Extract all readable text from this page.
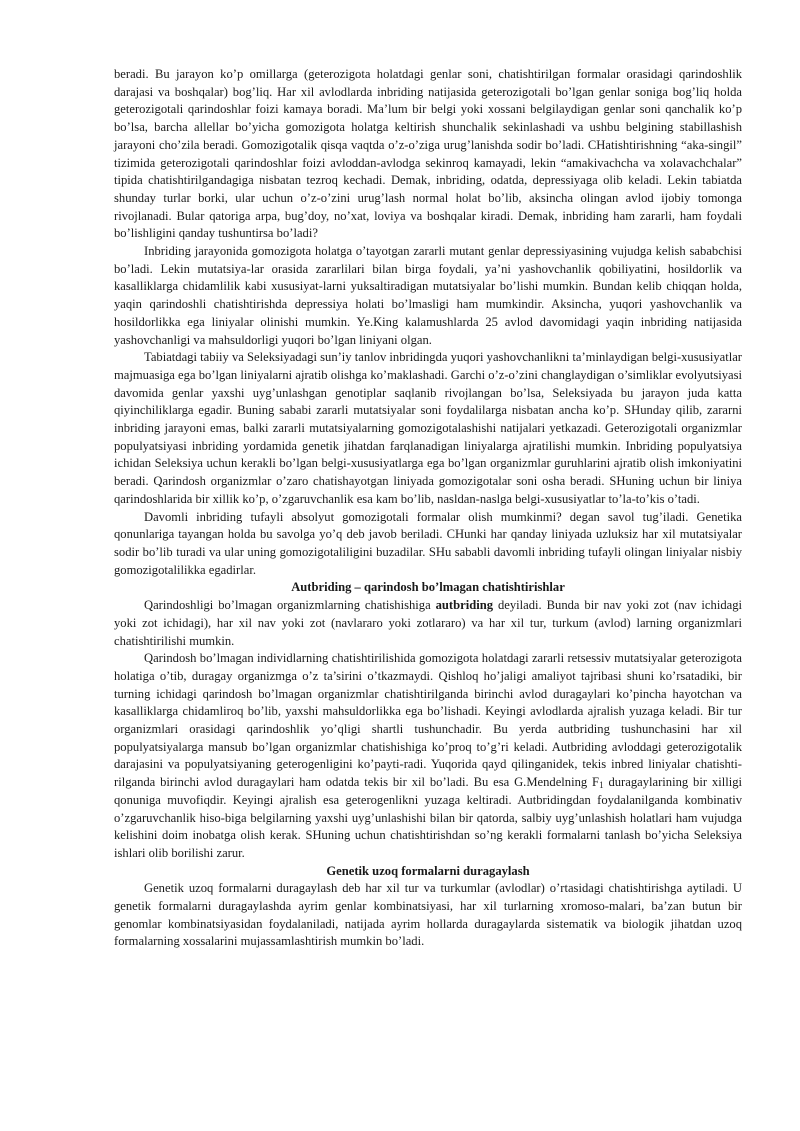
beradi. Bu jarayon ko’p omillarga (geterozigota holatdagi genlar soni, chatishtirilgan formalar orasidagi qarindoshlik darajasi va boshqalar) bog’liq. Har xil avlodlarda inbriding natijasida geterozigotali bo’lgan genlar soniga bog’liq holda geterozigotali qarindoshlar foizi kamaya boradi. Ma’lum bir belgi yoki xossani belgilaydigan genlar soni qanchalik ko’p bo’lsa, barcha allellar bo’yicha gomozigota holatga keltirish shunchalik sekinlashadi va ushbu belgining stabillashish jarayoni cho’zila beradi. Gomozigotalik qisqa vaqtda o’z-o’ziga urug’lanishda sodir bo’ladi. CHatishtirishning “aka-singil” tizimida geterozigotali qarindoshlar foizi avloddan-avlodga sekinroq kamayadi, lekin “amakivachcha va xolavachchalar” tipida chatishtirilgandagiga nisbatan tezroq kechadi. Demak, inbriding, odatda, depressiyaga olib keladi. Lekin tabiatda shunday turlar borki, ular uchun o’z-o’zini urug’lash normal holat bo’lib, aksincha olingan avlod ijobiy tomonga rivojlanadi. Bular qatoriga arpa, bug’doy, no’xat, loviya va boshqalar kiradi. Demak, inbriding ham zararli, ham foydali bo’lishligini qanday tushuntirsa bo’ladi?

Inbriding jarayonida gomozigota holatga o’tayotgan zararli mutant genlar depressiyasining vujudga kelish sababchisi bo’ladi. Lekin mutatsiya-lar orasida zararlilari bilan birga foydali, ya’ni yashovchanlik qobiliyatini, hosildorlik va kasalliklarga chidamlilik kabi xususiyat-larni yuksaltiradigan mutatsiyalar bo’lishi mumkin. Bundan kelib chiqqan holda, yaqin qarindoshli chatishtirishda depressiya holati bo’lmasligi ham mumkindir. Aksincha, yuqori yashovchanlik va hosildorlikka ega liniyalar olinishi mumkin. Ye.King kalamushlarda 25 avlod davomidagi yaqin inbriding natijasida yashovchanligi va mahsuldorligi yuqori bo’lgan liniyani olgan.

Tabiatdagi tabiiy va Seleksiyadagi sun’iy tanlov inbridingda yuqori yashovchanlikni ta’minlaydigan belgi-xususiyatlar majmuasiga ega bo’lgan liniyalarni ajratib olishga ko’maklashadi. Garchi o’z-o’zini changlaydigan o’simliklar evolyutsiyasi davomida genlar yaxshi uyg’unlashgan genotiplar saqlanib rivojlangan bo’lsa, Seleksiyada bu jarayon juda katta qiyinchiliklarga egadir. Buning sababi zararli mutatsiyalar soni foydalilarga nisbatan ancha ko’p. SHunday qilib, zararni inbriding jarayoni emas, balki zararli mutatsiyalarning gomozigotalashishi natijalari yetkazadi. Geterozigotali organizmlar populyatsiyasi inbriding yordamida genetik jihatdan farqlanadigan liniyalarga ajratilishi mumkin. Inbriding populyatsiya ichidan Seleksiya uchun kerakli bo’lgan belgi-xususiyatlarga ega bo’lgan organizmlar guruhlarini ajratib olish imkoniyatini beradi. Qarindosh organizmlar o’zaro chatishayotgan liniyada gomozigotalar soni osha beradi. SHuning uchun bir liniya qarindoshlarida bir xillik ko’p, o’zgaruvchanlik esa kam bo’lib, nasldan-naslga belgi-xususiyatlar to’la-to’kis o’tadi.

Davomli inbriding tufayli absolyut gomozigotali formalar olish mumkinmi? degan savol tug’iladi. Genetika qonunlariga tayangan holda bu savolga yo’q deb javob beriladi. CHunki har qanday liniyada uzluksiz har xil mutatsiyalar sodir bo’lib turadi va ular uning gomozigotaliligini buzadilar. SHu sababli davomli inbriding tufayli olingan liniyalar nisbiy gomozigotalilikka egadirlar.

Autbriding – qarindosh bo’lmagan chatishtirishlar

Qarindoshligi bo’lmagan organizmlarning chatishishiga autbriding deyiladi. Bunda bir nav yoki zot (nav ichidagi yoki zot ichidagi), har xil nav yoki zot (navlararo yoki zotlararo) va har xil tur, turkum (avlod) larning organizmlari chatishtirilishi mumkin.

Qarindosh bo’lmagan individlarning chatishtirilishida gomozigota holatdagi zararli retsessiv mutatsiyalar geterozigota holatiga o’tib, duragay organizmga o’z ta’sirini o’tkazmaydi. Qishloq ho’jaligi amaliyot tajribasi shuni ko’rsatadiki, bir turning ichidagi qarindosh bo’lmagan organizmlar chatishtirilganda birinchi avlod duragaylari ko’pincha hayotchan va kasalliklarga chidamliroq bo’lib, yaxshi mahsuldorlikka ega bo’lishadi. Keyingi avlodlarda ajralish yuzaga keladi. Bir tur organizmlari orasidagi qarindoshlik yo’qligi shartli tushunchadir. Bu yerda autbriding tushunchasini har xil populyatsiyalarga mansub bo’lgan organizmlar chatishishiga ko’proq to’g’ri keladi. Autbriding avloddagi geterozigotalik darajasini va populyatsiyaning geterogenligini ko’payti-radi. Yuqorida qayd qilinganidek, tekis inbred liniyalar chatishti-rilganda birinchi avlod duragaylari ham odatda tekis bir xil bo’ladi. Bu esa G.Mendelning $F_1$ duragaylarining bir xilligi qonuniga muvofiqdir. Keyingi ajralish esa geterogenlikni yuzaga keltiradi. Autbridingdan foydalanilganda kombinativ o’zgaruvchanlik hiso-biga belgilarning yaxshi uyg’unlashishi bilan bir qatorda, salbiy uyg’unlashish holatlari ham vujudga kelishini doim inobatga olish kerak. SHuning uchun chatishtirishdan so’ng kerakli formalarni tanlash bo’yicha Seleksiya ishlari olib borilishi zarur.

Genetik uzoq formalarni duragaylash

Genetik uzoq formalarni duragaylash deb har xil tur va turkumlar (avlodlar) o’rtasidagi chatishtirishga aytiladi. U genetik formalarni duragaylashda ayrim genlar kombinatsiyasi, har xil turlarning xromoso-malari, ba’zan butun bir genomlar kombinatsiyasidan foydalaniladi, natijada ayrim hollarda duragaylarda sistematik va biologik jihatdan uzoq formalarning xossalarini mujassamlashtirish mumkin bo’ladi.
